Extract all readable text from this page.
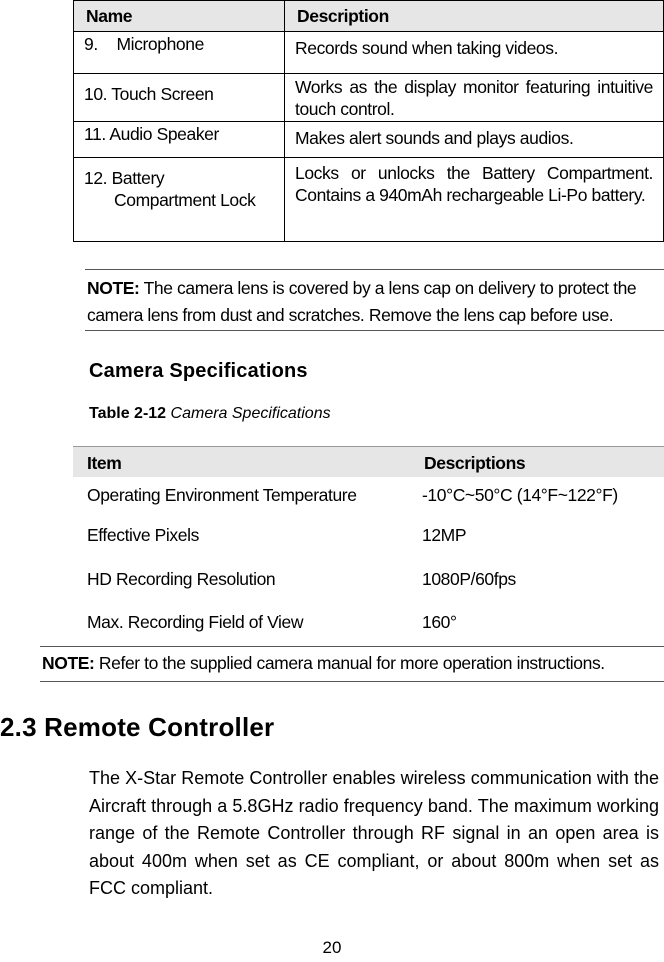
Name	Description
9. Microphone	Records sound when taking videos.
10. Touch Screen	Works as the display monitor featuring intuitive touch control.
11. Audio Speaker	Makes alert sounds and plays audios.
12. Battery
Compartment Lock	Locks or unlocks the Battery Compartment. Contains a 940mAh rechargeable Li-Po battery.
NOTE: The camera lens is covered by a lens cap on delivery to protect the camera lens from dust and scratches. Remove the lens cap before use.
Camera Specifications
Table 2-12 Camera Specifications
Item	Descriptions
Operating Environment Temperature	-10°C~50°C (14°F~122°F)
Effective Pixels	12MP
HD Recording Resolution	1080P/60fps
Max. Recording Field of View	160°
NOTE: Refer to the supplied camera manual for more operation instructions.
2.3 Remote Controller
The X-Star Remote Controller enables wireless communication with the Aircraft through a 5.8GHz radio frequency band. The maximum working range of the Remote Controller through RF signal in an open area is about 400m when set as CE compliant, or about 800m when set as FCC compliant.
20
